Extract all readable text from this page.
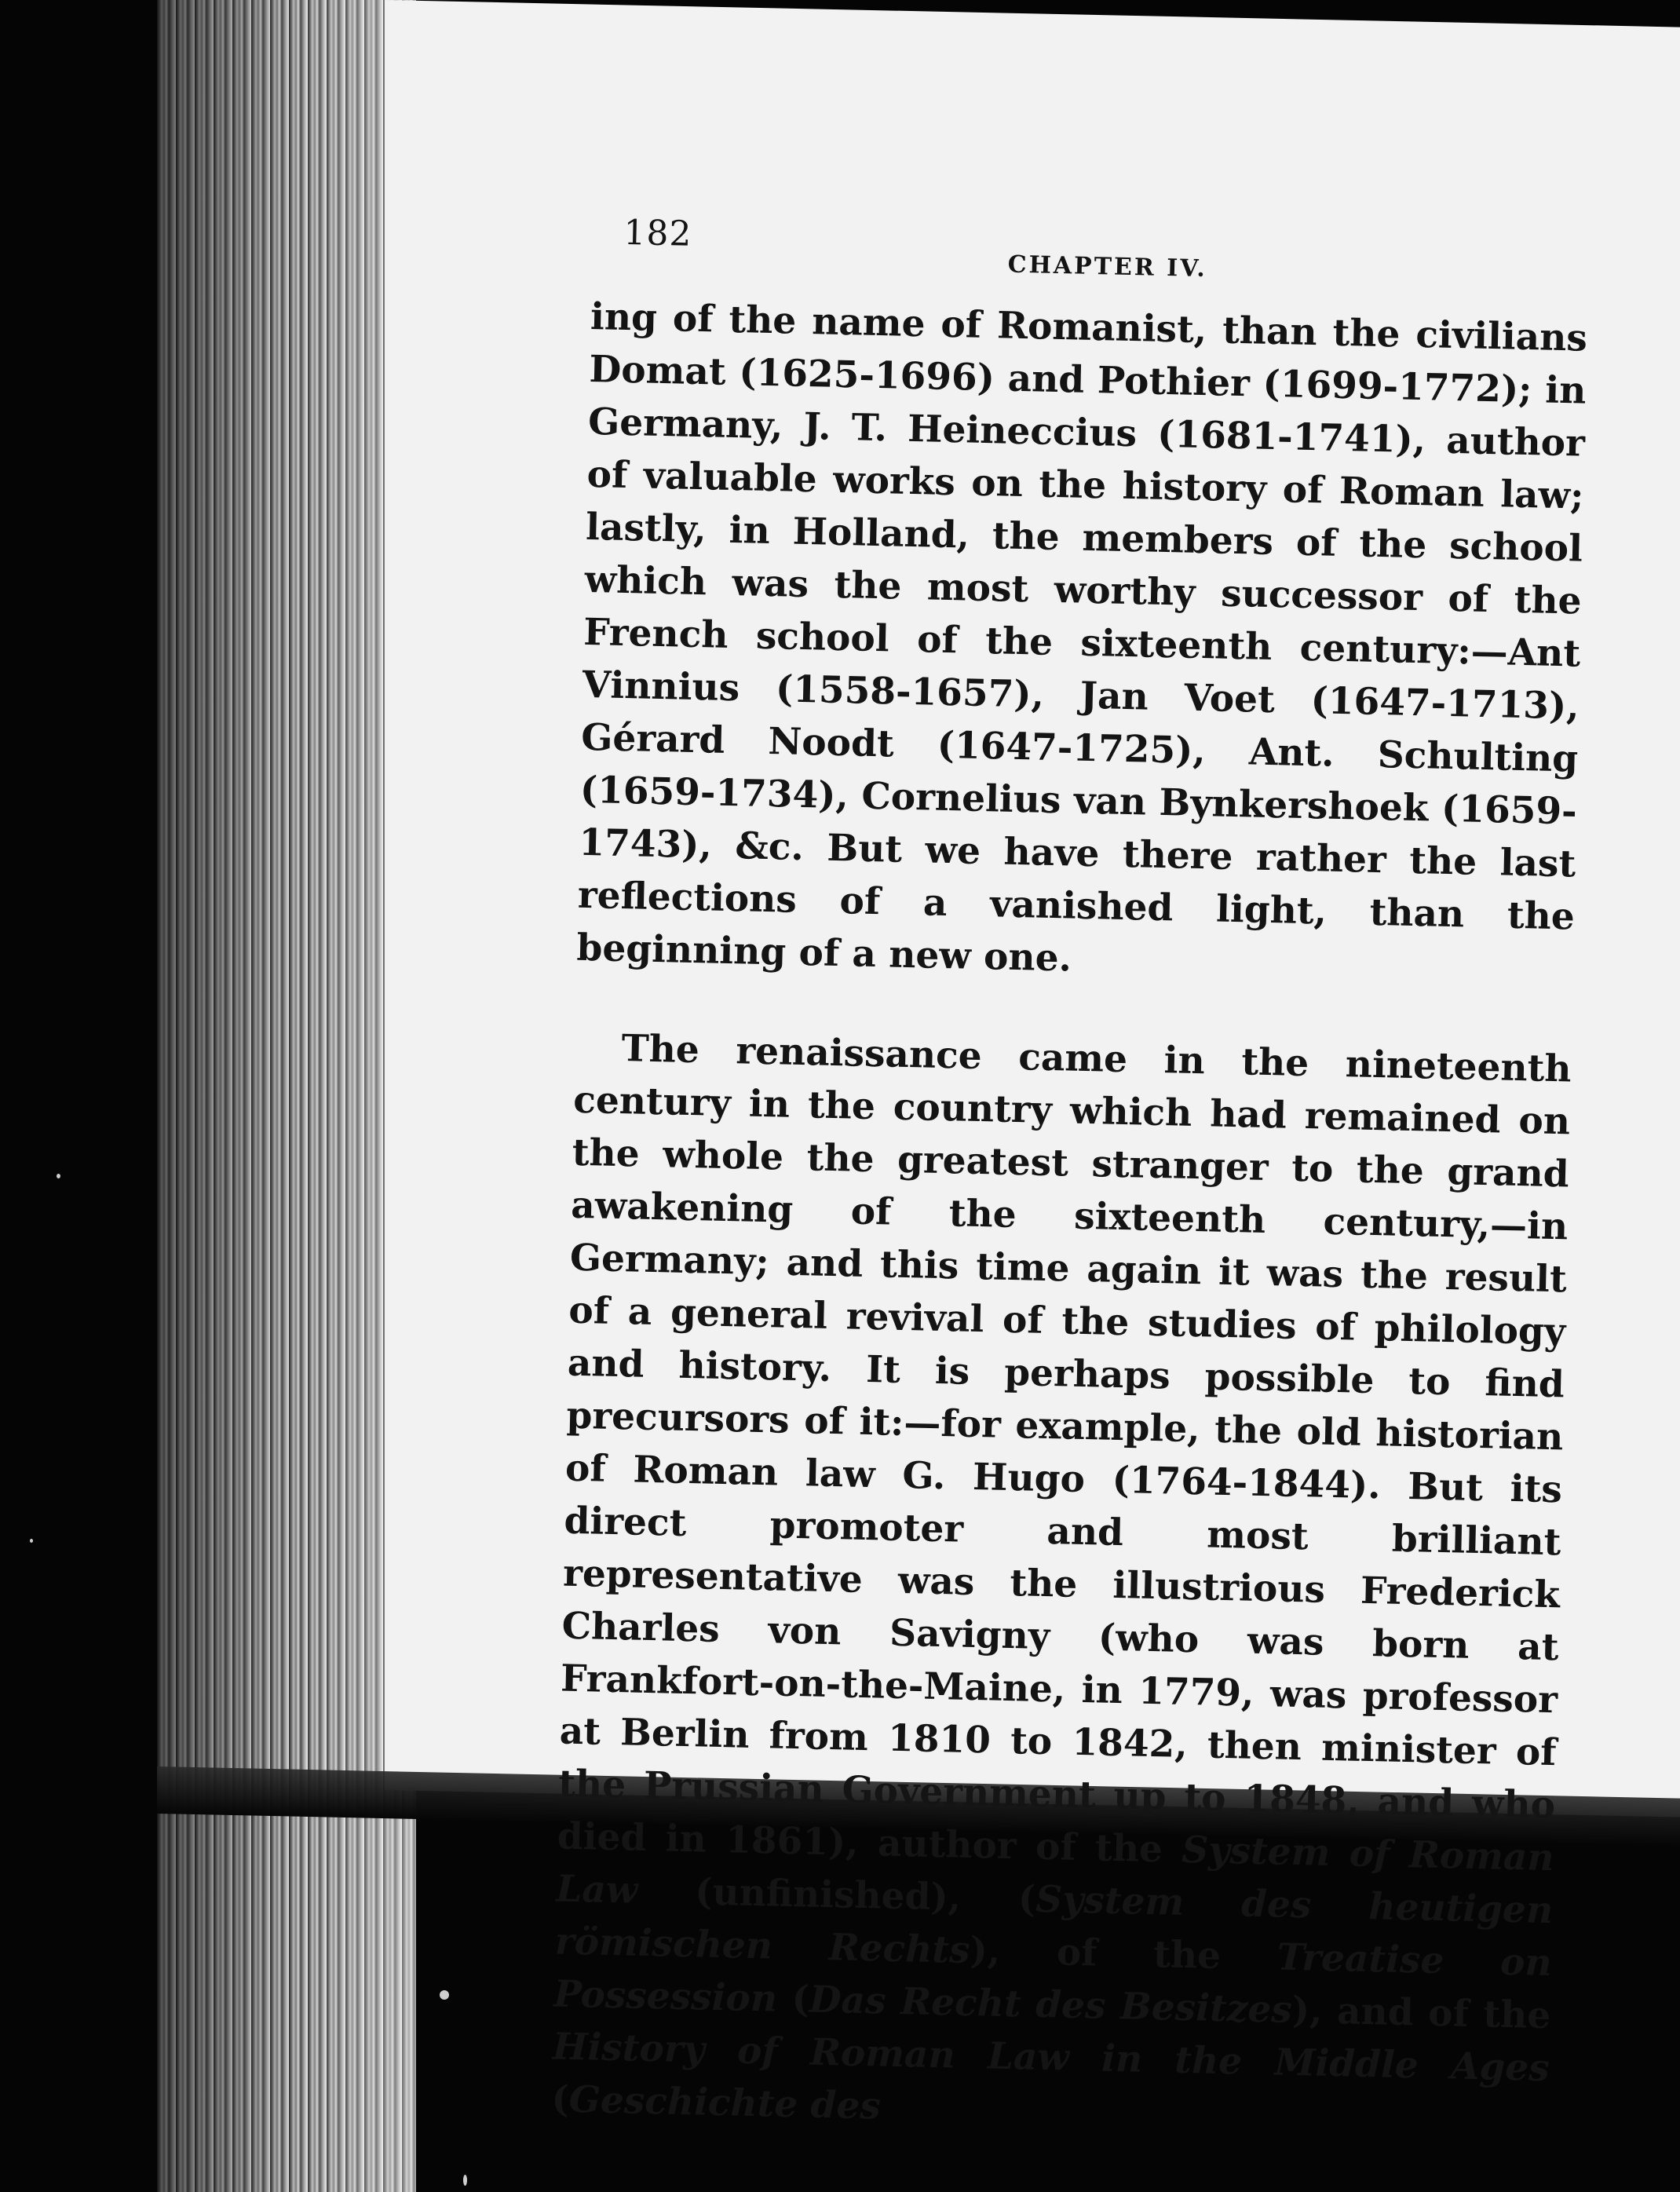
182
CHAPTER IV.

ing of the name of Romanist, than the civilians Domat (1625-1696) and Pothier (1699-1772); in Germany, J. T. Heineccius (1681-1741), author of valuable works on the history of Roman law; lastly, in Holland, the members of the school which was the most worthy successor of the French school of the sixteenth century:—Ant Vinnius (1558-1657), Jan Voet (1647-1713), Gérard Noodt (1647-1725), Ant. Schulting (1659-1734), Cornelius van Bynkershoek (1659-1743), &c. But we have there rather the last reflections of a vanished light, than the beginning of a new one.

The renaissance came in the nineteenth century in the country which had remained on the whole the greatest stranger to the grand awakening of the sixteenth century,—in Germany; and this time again it was the result of a general revival of the studies of philology and history. It is perhaps possible to find precursors of it:—for example, the old historian of Roman law G. Hugo (1764-1844). But its direct promoter and most brilliant representative was the illustrious Frederick Charles von Savigny (who was born at Frankfort-on-the-Maine, in 1779, was professor at Berlin from 1810 to 1842, then minister of the Prussian Government up to 1848, and who died in 1861), author of the System of Roman Law (unfinished), (System des heutigen römischen Rechts), of the Treatise on Possession (Das Recht des Besitzes), and of the History of Roman Law in the Middle Ages (Geschichte des
